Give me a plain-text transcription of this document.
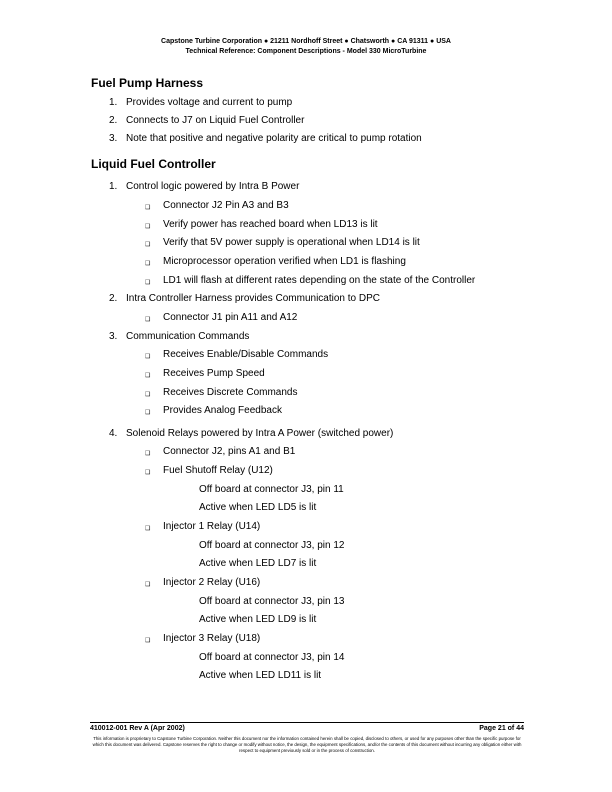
Capstone Turbine Corporation ● 21211 Nordhoff Street ● Chatsworth ● CA 91311 ● USA
Technical Reference: Component Descriptions - Model 330 MicroTurbine
Fuel Pump Harness
1. Provides voltage and current to pump
2. Connects to J7 on Liquid Fuel Controller
3. Note that positive and negative polarity are critical to pump rotation
Liquid Fuel Controller
1. Control logic powered by Intra B Power
❑ Connector J2 Pin A3 and B3
❑ Verify power has reached board when LD13 is lit
❑ Verify that 5V power supply is operational when LD14 is lit
❑ Microprocessor operation verified when LD1 is flashing
❑ LD1 will flash at different rates depending on the state of the Controller
2. Intra Controller Harness provides Communication to DPC
❑ Connector J1 pin A11 and A12
3. Communication Commands
❑ Receives Enable/Disable Commands
❑ Receives Pump Speed
❑ Receives Discrete Commands
❑ Provides Analog Feedback
4. Solenoid Relays powered by Intra A Power (switched power)
❑ Connector J2, pins A1 and B1
❑ Fuel Shutoff Relay (U12)
Off board at connector J3, pin 11
Active when LED LD5 is lit
❑ Injector 1 Relay (U14)
Off board at connector J3, pin 12
Active when LED LD7 is lit
❑ Injector 2 Relay (U16)
Off board at connector J3, pin 13
Active when LED LD9 is lit
❑ Injector 3 Relay (U18)
Off board at connector J3, pin 14
Active when LED LD11 is lit
410012-001 Rev A (Apr 2002)	Page 21 of 44
This information is proprietary to Capstone Turbine Corporation. Neither this document nor the information contained herein shall be copied, disclosed to others, or used for any purposes other than the specific purpose for which this document was delivered. Capstone reserves the right to change or modify without notice, the design, the equipment specifications, and/or the contents of this document without incurring any obligation either with respect to equipment previously sold or in the process of construction.
